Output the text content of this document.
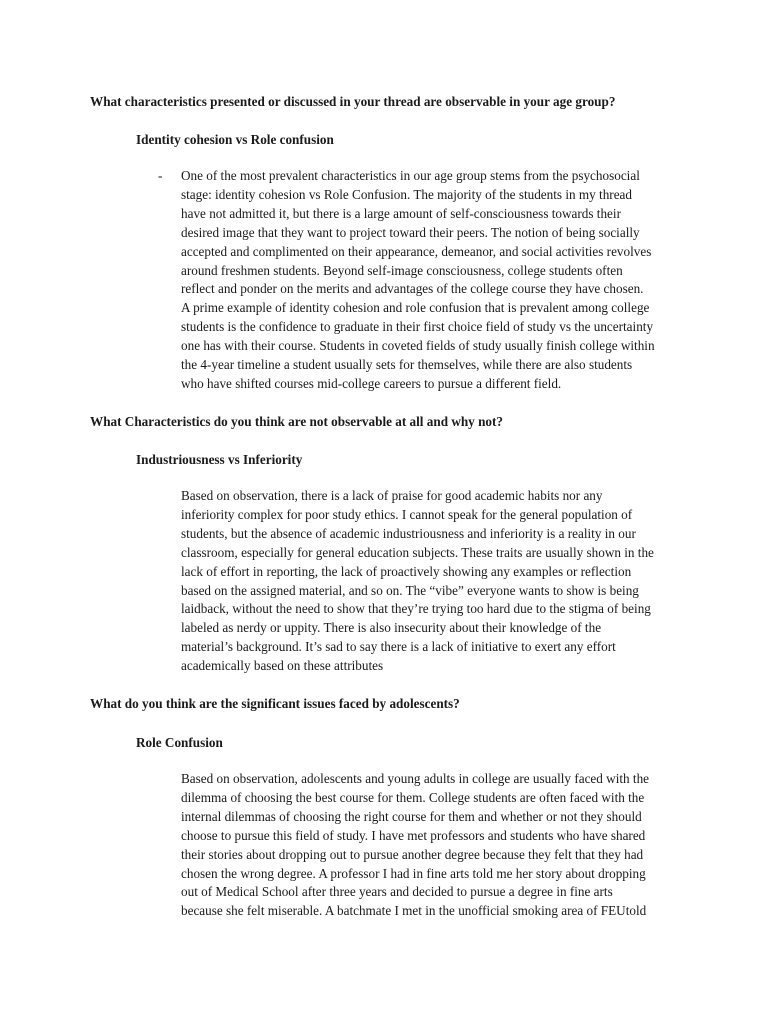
What characteristics presented or discussed in your thread are observable in your age group?
Identity cohesion vs Role confusion
- One of the most prevalent characteristics in our age group stems from the psychosocial
stage: identity cohesion vs Role Confusion. The majority of the students in my thread
have not admitted it, but there is a large amount of self-consciousness towards their
desired image that they want to project toward their peers. The notion of being socially
accepted and complimented on their appearance, demeanor, and social activities revolves
around freshmen students. Beyond self-image consciousness, college students often
reflect and ponder on the merits and advantages of the college course they have chosen.
A prime example of identity cohesion and role confusion that is prevalent among college
students is the confidence to graduate in their first choice field of study vs the uncertainty
one has with their course. Students in coveted fields of study usually finish college within
the 4-year timeline a student usually sets for themselves, while there are also students
who have shifted courses mid-college careers to pursue a different field.
What Characteristics do you think are not observable at all and why not?
Industriousness vs Inferiority
Based on observation, there is a lack of praise for good academic habits nor any
inferiority complex for poor study ethics. I cannot speak for the general population of
students, but the absence of academic industriousness and inferiority is a reality in our
classroom, especially for general education subjects. These traits are usually shown in the
lack of effort in reporting, the lack of proactively showing any examples or reflection
based on the assigned material, and so on. The “vibe” everyone wants to show is being
laidback, without the need to show that they’re trying too hard due to the stigma of being
labeled as nerdy or uppity. There is also insecurity about their knowledge of the
material’s background. It’s sad to say there is a lack of initiative to exert any effort
academically based on these attributes
What do you think are the significant issues faced by adolescents?
Role Confusion
Based on observation, adolescents and young adults in college are usually faced with the
dilemma of choosing the best course for them. College students are often faced with the
internal dilemmas of choosing the right course for them and whether or not they should
choose to pursue this field of study. I have met professors and students who have shared
their stories about dropping out to pursue another degree because they felt that they had
chosen the wrong degree. A professor I had in fine arts told me her story about dropping
out of Medical School after three years and decided to pursue a degree in fine arts
because she felt miserable. A batchmate I met in the unofficial smoking area of FEUtold
